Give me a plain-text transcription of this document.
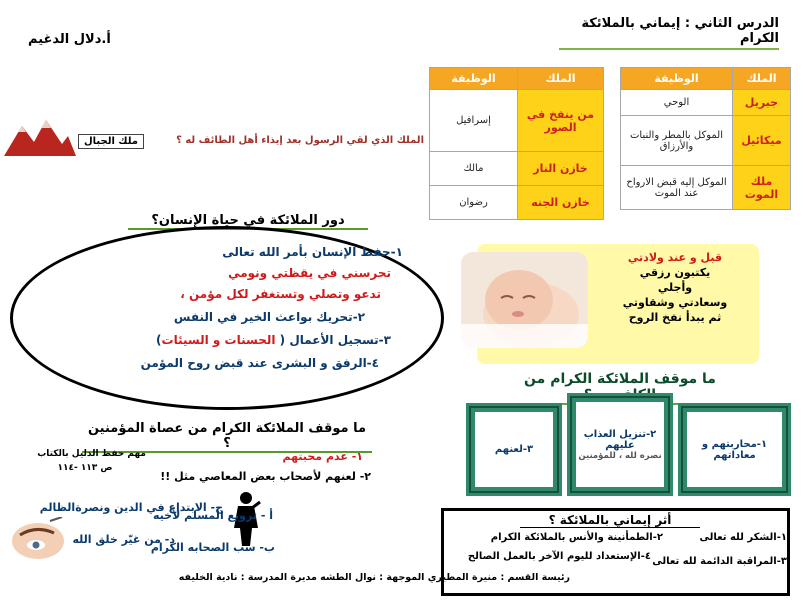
الدرس الثاني : إيماني بالملائكة الكرام
أ.دلال الدغيم
الملك	الوظيفة
جبريل	الوحي
ميكائيل	الموكل بالمطر والنبات والأرزاق
ملك الموت	الموكل إليه قبض الارواح عند الموت
الملك	الوظيفة
من ينفخ في الصور	إسرافيل
خازن النار	مالك
خازن الجنه	رضوان
ملك الجبال	الملك الذي لقي الرسول بعد إيذاء أهل الطائف له ؟
دور الملائكة في حياة الإنسان؟
١-حفظ الإنسان بأمر الله تعالى
تحرسني في يقظتي ونومي
تدعو وتصلي وتستغفر لكل مؤمن ،
٢-تحريك بواعث الخير في النفس
٣-تسجيل الأعمال ( الحسنات و السيئات)
٤-الرفق و البشرى عند قبض روح المؤمن
قبل و عند ولادتي
يكتبون رزقي
وأجلي
وسعادتي وشقاوتي
ثم يبدأ نفخ الروح
ما موقف الملائكة الكرام من
١-محاربتهم و معاداتهم
٢-تنزيل العذاب عليهم
نصره لله ، للمؤمنين
٣-لعنهم
أثر إيماني بالملائكة ؟
١-الشكر لله تعالى
٢-الطمأنينة والأنس بالملائكة الكرام
٣-المراقبة الدائمة لله تعالى
٤-الإستعداد لليوم الآخر بالعمل الصالح
ما موقف الملائكة الكرام من عصاة المؤمنين ؟
١- عدم محبتهم
٢- لعنهم لأصحاب بعض المعاصي مثل !!
مهم حفظ الدليل بالكتاب
ص ١١٣ -١١٤
أ - ترويع المسلم لأخيه
ب- سب الصحابه الكرام
ج- الابتداع في الدين ونصرةالظالم
د- من غيّر خلق الله
رئيسة القسم : منيرة المطيري الموجهة : نوال الطشه مديرة المدرسة : نادية الخليفه
